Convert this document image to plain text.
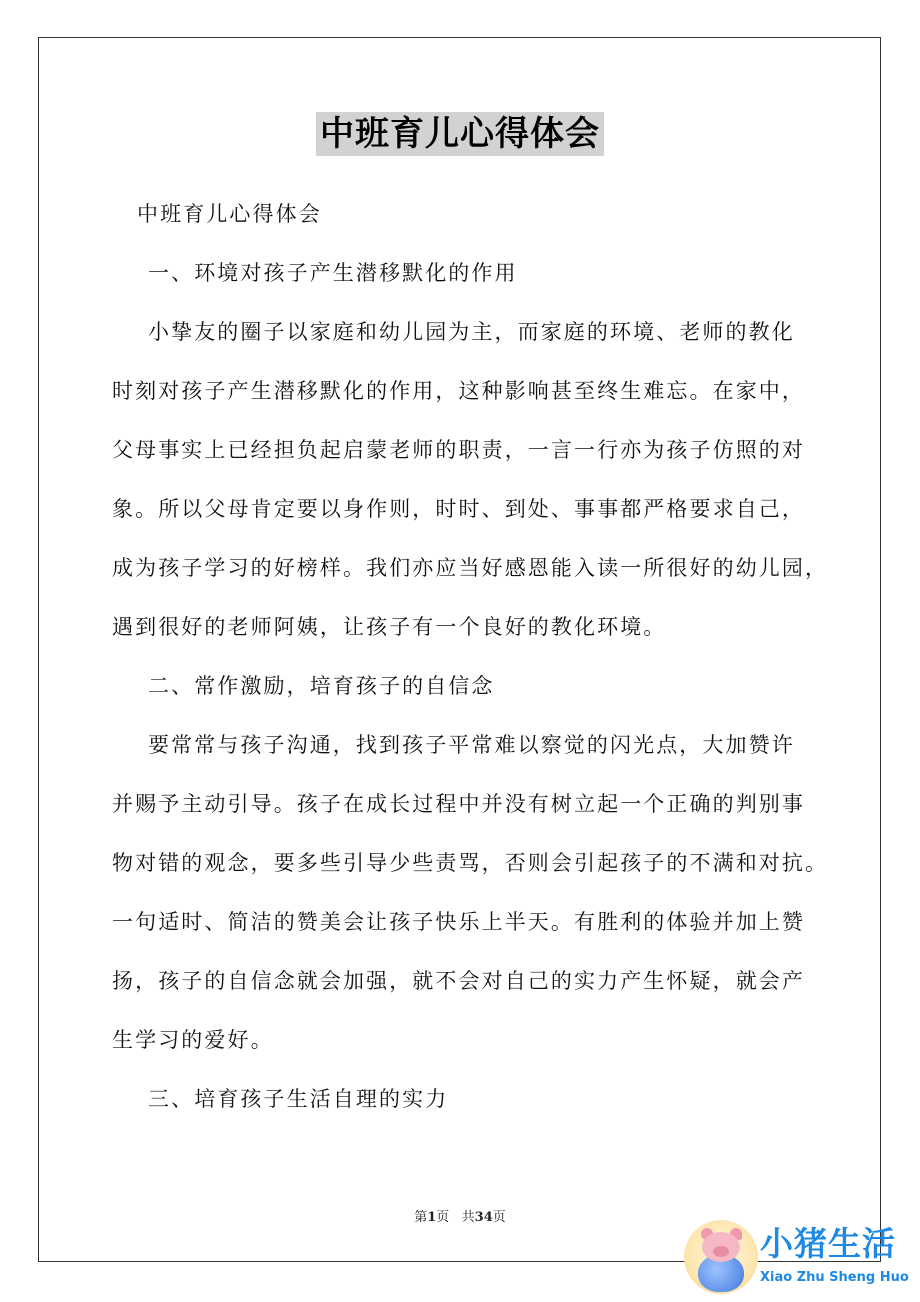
中班育儿心得体会
中班育儿心得体会
一、环境对孩子产生潜移默化的作用
小挚友的圈子以家庭和幼儿园为主，而家庭的环境、老师的教化
时刻对孩子产生潜移默化的作用，这种影响甚至终生难忘。在家中，
父母事实上已经担负起启蒙老师的职责，一言一行亦为孩子仿照的对
象。所以父母肯定要以身作则，时时、到处、事事都严格要求自己，
成为孩子学习的好榜样。我们亦应当好感恩能入读一所很好的幼儿园，
遇到很好的老师阿姨，让孩子有一个良好的教化环境。
二、常作激励，培育孩子的自信念
要常常与孩子沟通，找到孩子平常难以察觉的闪光点，大加赞许
并赐予主动引导。孩子在成长过程中并没有树立起一个正确的判别事
物对错的观念，要多些引导少些责骂，否则会引起孩子的不满和对抗。
一句适时、简洁的赞美会让孩子快乐上半天。有胜利的体验并加上赞
扬，孩子的自信念就会加强，就不会对自己的实力产生怀疑，就会产
生学习的爱好。
三、培育孩子生活自理的实力
第1页   共34页
小猪生活
Xiao Zhu Sheng Huo
